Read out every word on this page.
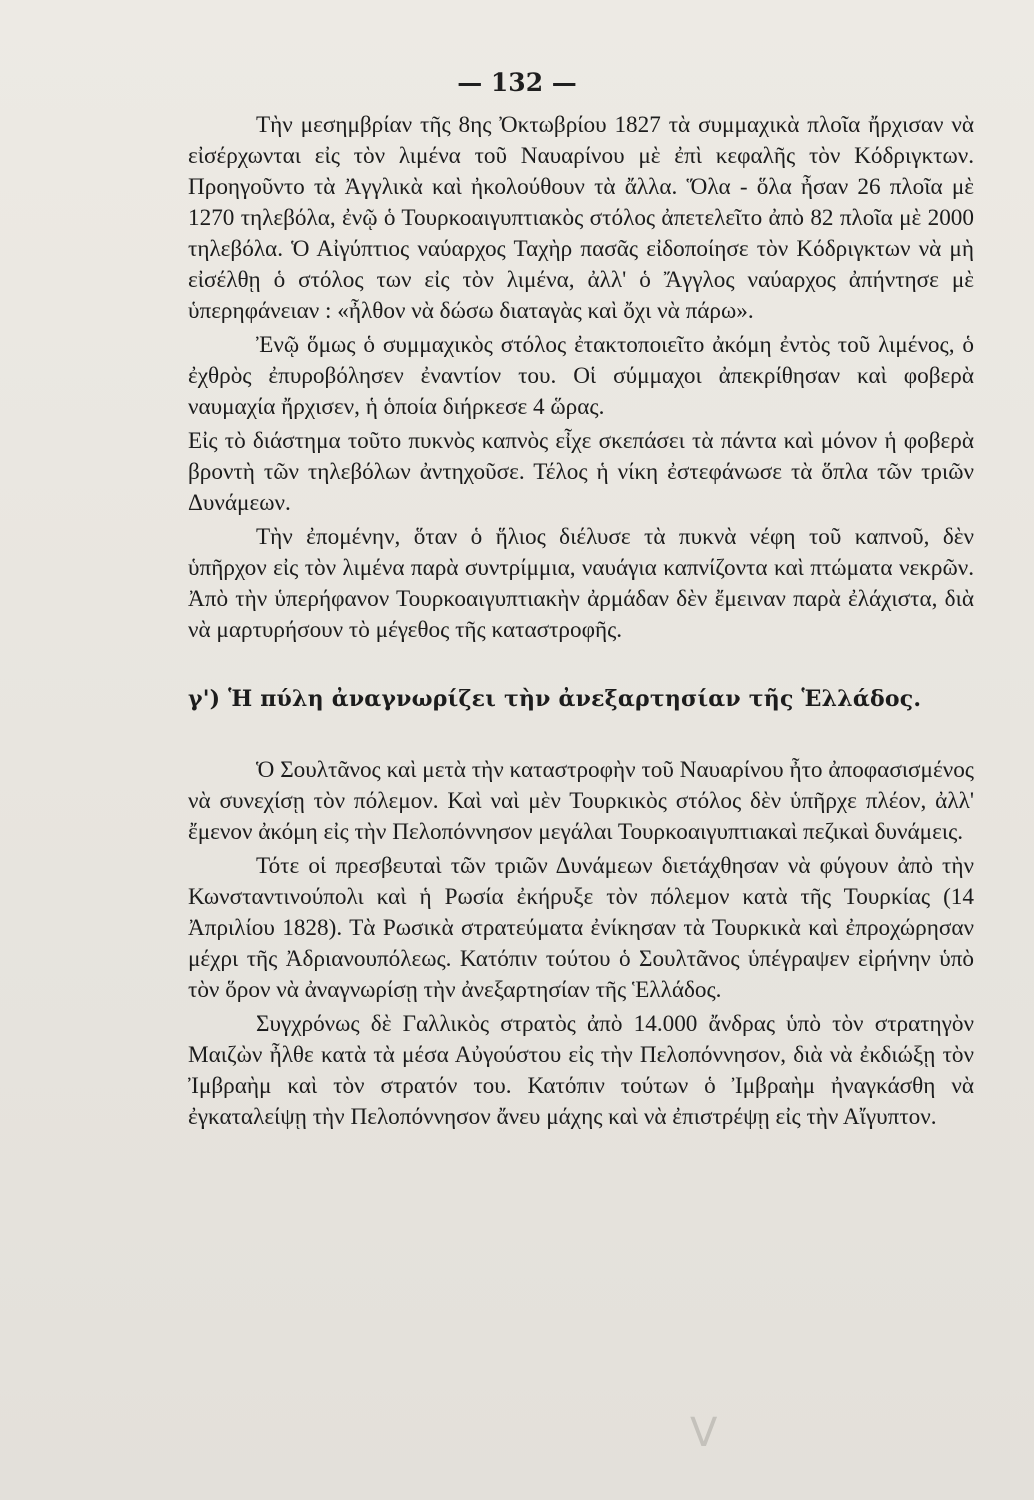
— 132 —

Τὴν μεσημβρίαν τῆς 8ης Ὀκτωβρίου 1827 τὰ συμμαχικὰ πλοῖα ἤρχισαν νὰ εἰσέρχωνται εἰς τὸν λιμένα τοῦ Ναυαρίνου μὲ ἐπὶ κεφαλῆς τὸν Κόδριγκτων. Προηγοῦντο τὰ Ἀγγλικὰ καὶ ἠκολούθουν τὰ ἄλλα. Ὅλα - ὅλα ἦσαν 26 πλοῖα μὲ 1270 τηλεβόλα, ἐνῷ ὁ Τουρκοαιγυπτιακὸς στόλος ἀπετελεῖτο ἀπὸ 82 πλοῖα μὲ 2000 τηλεβόλα. Ὁ Αἰγύπτιος ναύαρχος Ταχὴρ πασᾶς εἰδοποίησε τὸν Κόδριγκτων νὰ μὴ εἰσέλθῃ ὁ στόλος των εἰς τὸν λιμένα, ἀλλ' ὁ Ἄγγλος ναύαρχος ἀπήντησε μὲ ὑπερηφάνειαν : «ἦλθον νὰ δώσω διαταγὰς καὶ ὄχι νὰ πάρω».

Ἐνῷ ὅμως ὁ συμμαχικὸς στόλος ἐτακτοποιεῖτο ἀκόμη ἐντὸς τοῦ λιμένος, ὁ ἐχθρὸς ἐπυροβόλησεν ἐναντίον του. Οἱ σύμμαχοι ἀπεκρίθησαν καὶ φοβερὰ ναυμαχία ἤρχισεν, ἡ ὁποία διήρκεσε 4 ὥρας.

Εἰς τὸ διάστημα τοῦτο πυκνὸς καπνὸς εἶχε σκεπάσει τὰ πάντα καὶ μόνον ἡ φοβερὰ βροντὴ τῶν τηλεβόλων ἀντηχοῦσε. Τέλος ἡ νίκη ἐστεφάνωσε τὰ ὅπλα τῶν τριῶν Δυνάμεων.

Τὴν ἐπομένην, ὅταν ὁ ἥλιος διέλυσε τὰ πυκνὰ νέφη τοῦ καπνοῦ, δὲν ὑπῆρχον εἰς τὸν λιμένα παρὰ συντρίμμια, ναυάγια καπνίζοντα καὶ πτώματα νεκρῶν. Ἀπὸ τὴν ὑπερήφανον Τουρκοαιγυπτιακὴν ἀρμάδαν δὲν ἔμειναν παρὰ ἐλάχιστα, διὰ νὰ μαρτυρήσουν τὸ μέγεθος τῆς καταστροφῆς.

γ') Ἡ πύλη ἀναγνωρίζει τὴν ἀνεξαρτησίαν τῆς Ἑλλάδος.

Ὁ Σουλτᾶνος καὶ μετὰ τὴν καταστροφὴν τοῦ Ναυαρίνου ἦτο ἀποφασισμένος νὰ συνεχίσῃ τὸν πόλεμον. Καὶ ναὶ μὲν Τουρκικὸς στόλος δὲν ὑπῆρχε πλέον, ἀλλ' ἔμενον ἀκόμη εἰς τὴν Πελοπόννησον μεγάλαι Τουρκοαιγυπτιακαὶ πεζικαὶ δυνάμεις.

Τότε οἱ πρεσβευταὶ τῶν τριῶν Δυνάμεων διετάχθησαν νὰ φύγουν ἀπὸ τὴν Κωνσταντινούπολι καὶ ἡ Ρωσία ἐκήρυξε τὸν πόλεμον κατὰ τῆς Τουρκίας (14 Ἀπριλίου 1828). Τὰ Ρωσικὰ στρατεύματα ἐνίκησαν τὰ Τουρκικὰ καὶ ἐπροχώρησαν μέχρι τῆς Ἀδριανουπόλεως. Κατόπιν τούτου ὁ Σουλτᾶνος ὑπέγραψεν εἰρήνην ὑπὸ τὸν ὅρον νὰ ἀναγνωρίσῃ τὴν ἀνεξαρτησίαν τῆς Ἑλλάδος.

Συγχρόνως δὲ Γαλλικὸς στρατὸς ἀπὸ 14.000 ἄνδρας ὑπὸ τὸν στρατηγὸν Μαιζὼν ἦλθε κατὰ τὰ μέσα Αὐγούστου εἰς τὴν Πελοπόννησον, διὰ νὰ ἐκδιώξῃ τὸν Ἰμβραὴμ καὶ τὸν στρατόν του. Κατόπιν τούτων ὁ Ἰμβραὴμ ἠναγκάσθη νὰ ἐγκαταλείψῃ τὴν Πελοπόννησον ἄνευ μάχης καὶ νὰ ἐπιστρέψῃ εἰς τὴν Αἴγυπτον.

V
